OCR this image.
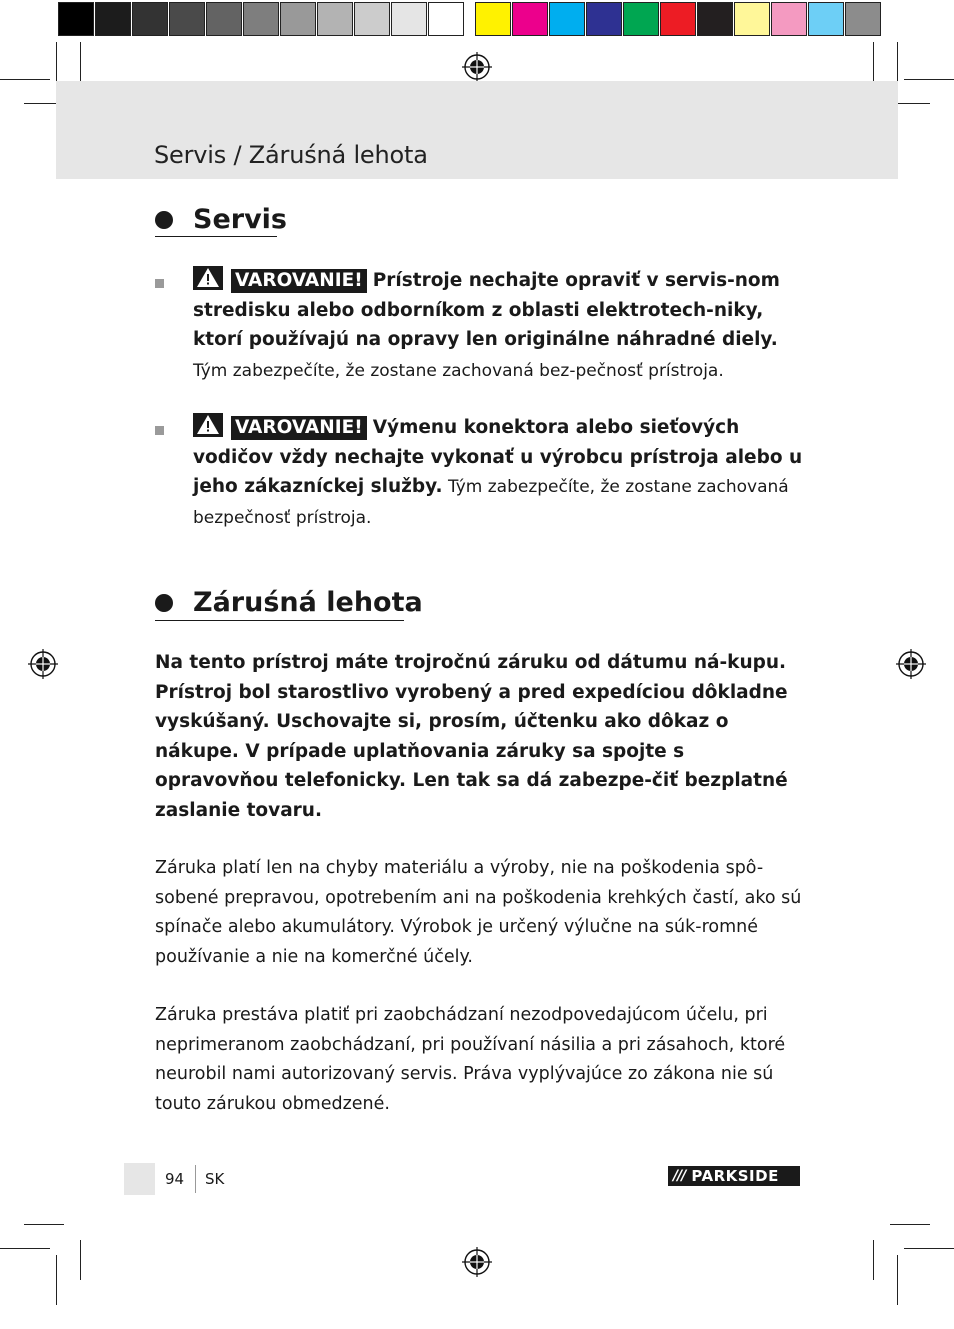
Servis / Záruśná lehota
Servis
VAROVANIE! Prístroje nechajte opraviť v servis-nom stredisku alebo odborníkom z oblasti elektrotech-niky, ktorí používajú na opravy len originálne náhradné diely. Tým zabezpečíte, že zostane zachovaná bez-pečnosť prístroja.
VAROVANIE! Výmenu konektora alebo sieťových vodičov vždy nechajte vykonať u výrobcu prístroja alebo u jeho zákazníckej služby. Tým zabezpečíte, že zostane zachovaná bezpečnosť prístroja.
Záruśná lehota
Na tento prístroj máte trojročnú záruku od dátumu ná-kupu. Prístroj bol starostlivo vyrobený a pred expedíciou dôkladne vyskúšaný. Uschovajte si, prosím, účtenku ako dôkaz o nákupe. V prípade uplatňovania záruky sa spojte s opravovňou telefonicky. Len tak sa dá zabezpe-čiť bezplatné zaslanie tovaru.
Záruka platí len na chyby materiálu a výroby, nie na poškodenia spô-sobené prepravou, opotrebením ani na poškodenia krehkých častí, ako sú spínače alebo akumulátory. Výrobok je určený výlučne na súk-romné používanie a nie na komerčné účely.
Záruka prestáva platiť pri zaobchádzaní nezodpovedajúcom účelu, pri neprimeranom zaobchádzaní, pri používaní násilia a pri zásahoch, ktoré neurobil nami autorizovaný servis. Práva vyplývajúce zo zákona nie sú touto zárukou obmedzené.
94 SK	/// PARKSIDE
